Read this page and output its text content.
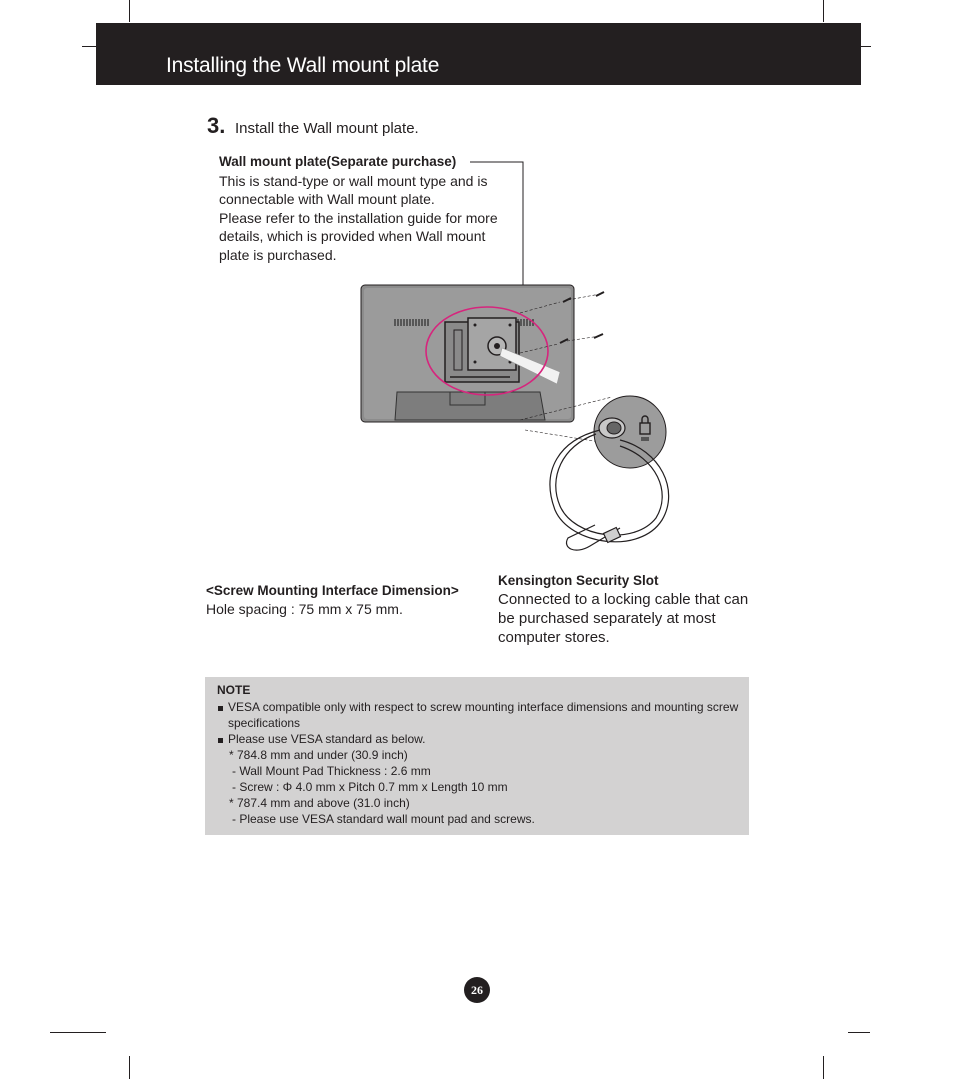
Installing the Wall mount plate
3. Install the Wall mount plate.
Wall mount plate(Separate purchase)
This is stand-type or wall mount type and is
connectable with Wall mount plate.
Please refer to the installation guide for more
details, which is provided when Wall mount
plate is purchased.
Kensington Security Slot
Connected to a locking cable that can
be purchased separately at most
computer stores.
<Screw Mounting Interface Dimension>
Hole spacing : 75 mm x 75 mm.
NOTE
VESA compatible only with respect to screw mounting interface dimensions and mounting screw
specifications
Please use VESA standard as below.
* 784.8 mm and under (30.9 inch)
- Wall Mount Pad Thickness : 2.6 mm
- Screw : Φ 4.0 mm x Pitch 0.7 mm x Length 10 mm
* 787.4 mm and above (31.0 inch)
- Please use VESA standard wall mount pad and screws.
26
